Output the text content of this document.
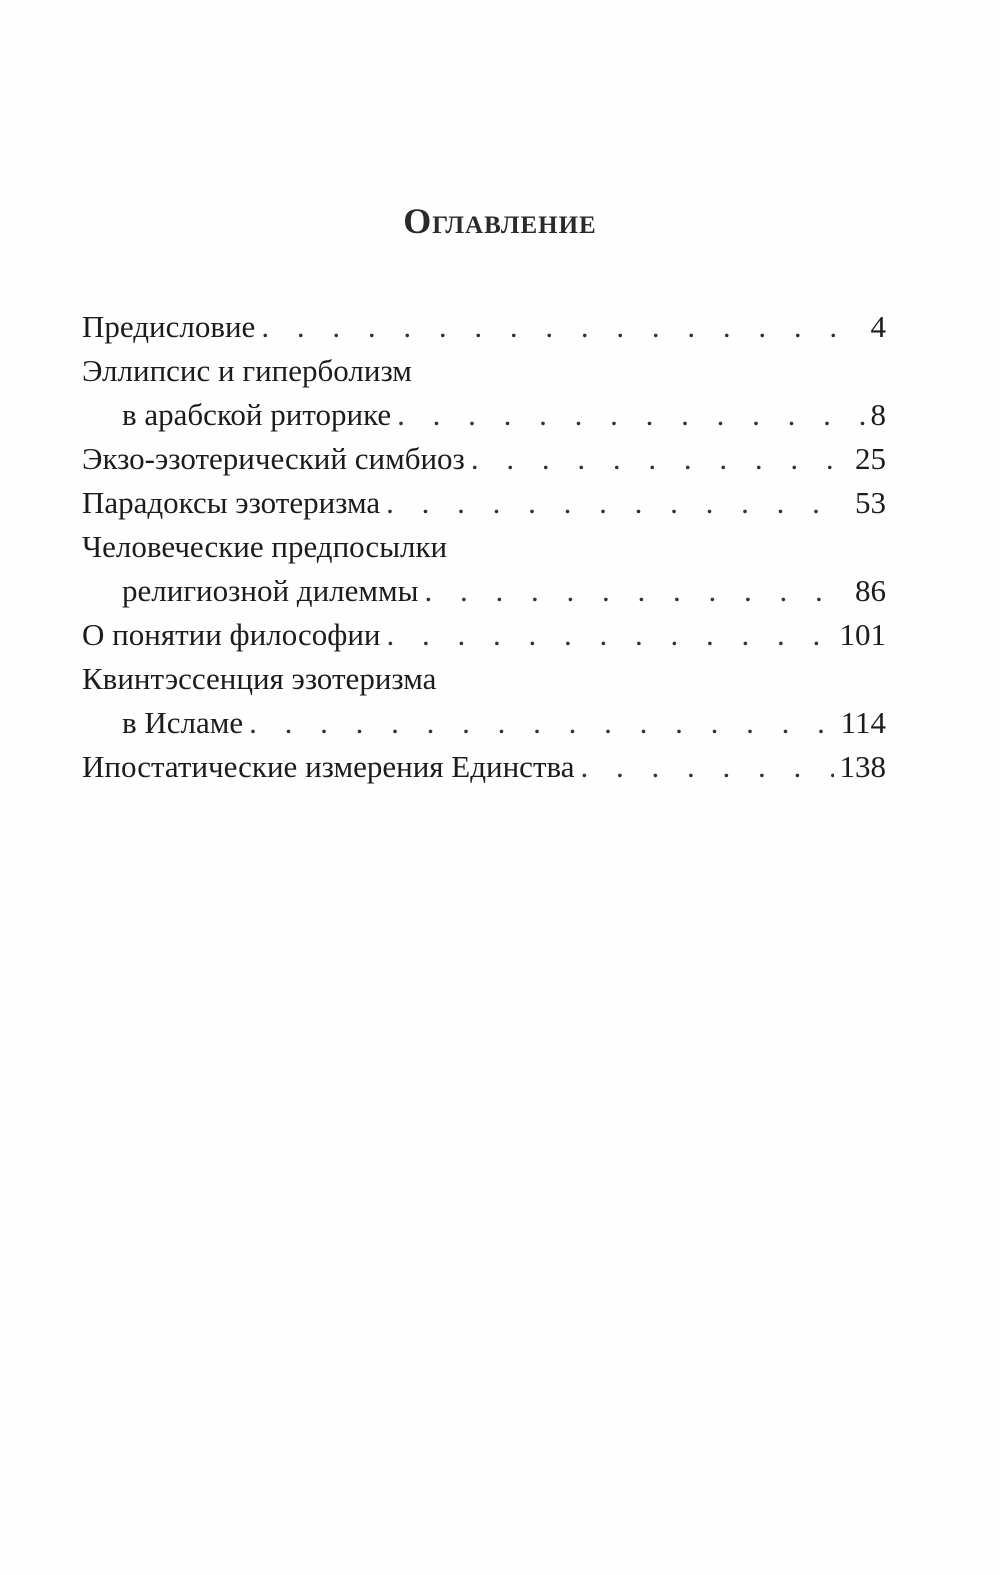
Оглавление
Предисловие . . .	4
Эллипсис и гиперболизм
в арабской риторике . . .	8
Экзо-эзотерический симбиоз . . .	25
Парадоксы эзотеризма . . .	53
Человеческие предпосылки
религиозной дилеммы . . .	86
О понятии философии . . .	101
Квинтэссенция эзотеризма
в Исламе . . .	114
Ипостатические измерения Единства . . .	138
